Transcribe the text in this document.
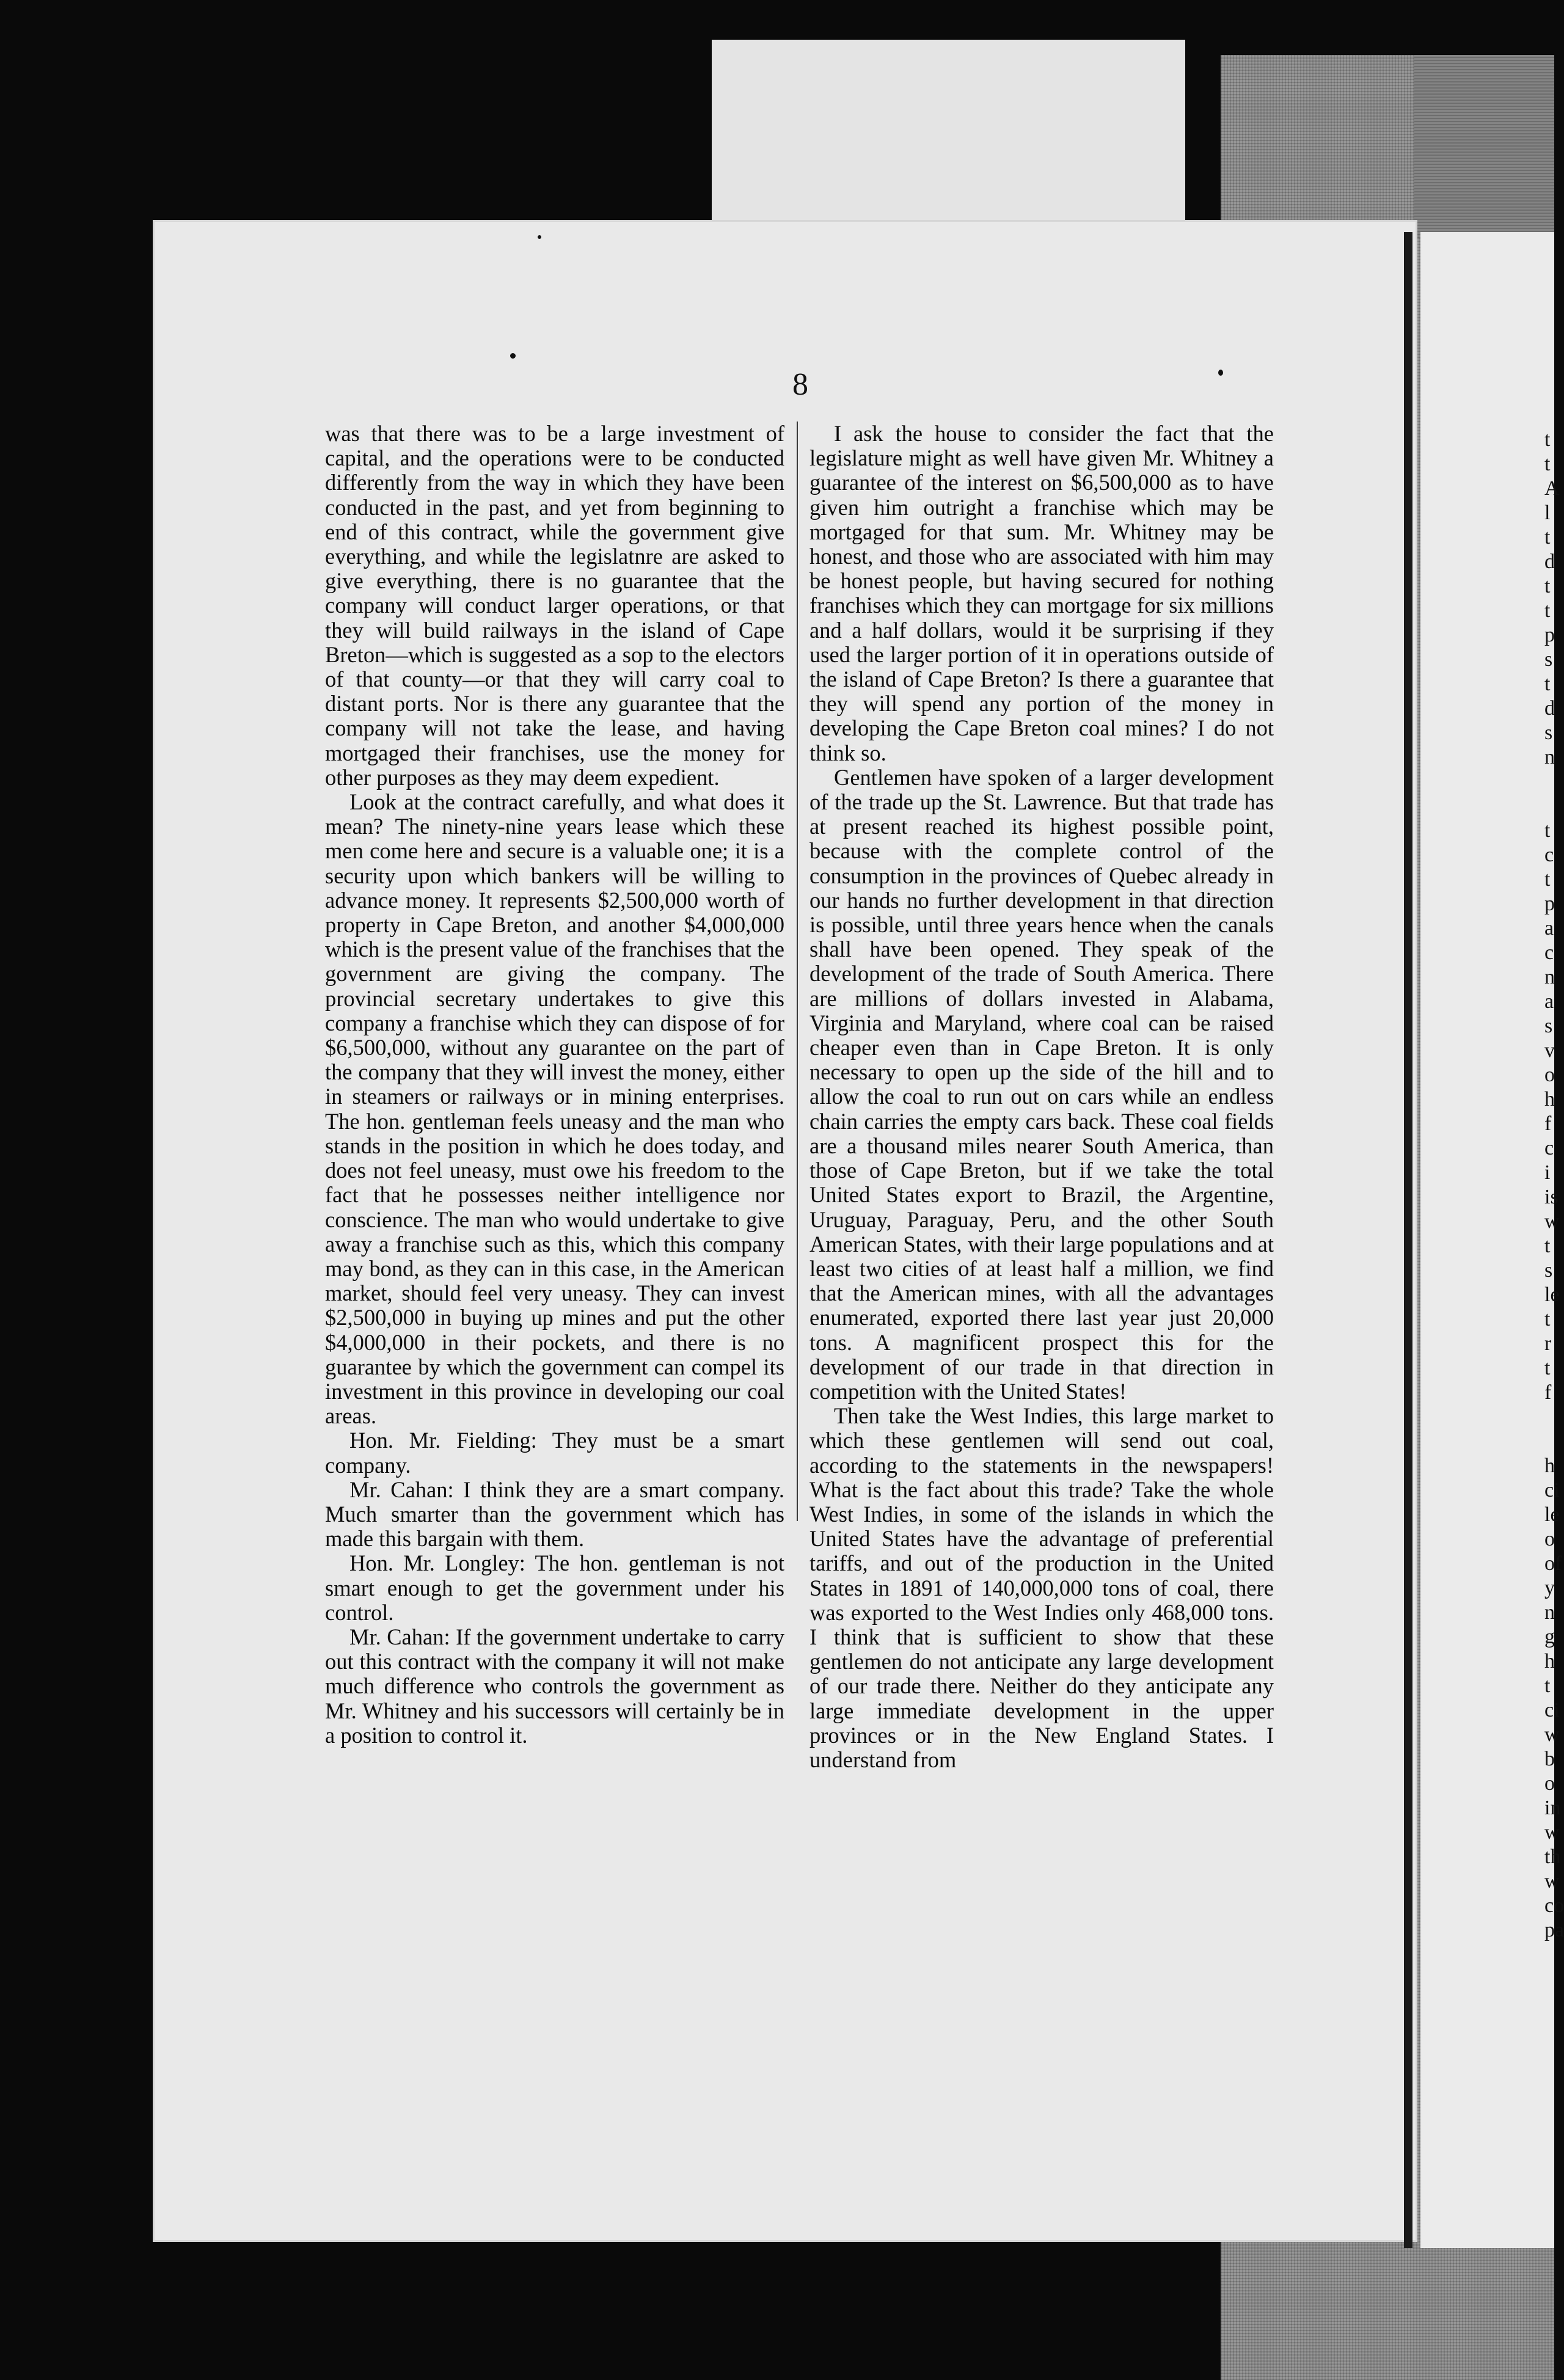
8

was that there was to be a large investment of capital, and the operations were to be conducted differently from the way in which they have been conducted in the past, and yet from beginning to end of this contract, while the government give everything, and while the legislatnre are asked to give everything, there is no guarantee that the company will conduct larger operations, or that they will build railways in the island of Cape Breton—which is suggested as a sop to the electors of that county—or that they will carry coal to distant ports. Nor is there any guarantee that the company will not take the lease, and having mortgaged their franchises, use the money for other purposes as they may deem expedient.

Look at the contract carefully, and what does it mean? The ninety-nine years lease which these men come here and secure is a valuable one; it is a security upon which bankers will be willing to advance money. It represents $2,500,000 worth of property in Cape Breton, and another $4,000,000 which is the present value of the franchises that the government are giving the company. The provincial secretary undertakes to give this company a franchise which they can dispose of for $6,500,000, without any guarantee on the part of the company that they will invest the money, either in steamers or railways or in mining enterprises. The hon. gentleman feels uneasy and the man who stands in the position in which he does today, and does not feel uneasy, must owe his freedom to the fact that he possesses neither intelligence nor conscience. The man who would undertake to give away a franchise such as this, which this company may bond, as they can in this case, in the American market, should feel very uneasy. They can invest $2,500,000 in buying up mines and put the other $4,000,000 in their pockets, and there is no guarantee by which the government can compel its investment in this province in developing our coal areas.

Hon. Mr. Fielding: They must be a smart company.

Mr. Cahan: I think they are a smart company. Much smarter than the government which has made this bargain with them.

Hon. Mr. Longley: The hon. gentleman is not smart enough to get the government under his control.

Mr. Cahan: If the government undertake to carry out this contract with the company it will not make much difference who controls the government as Mr. Whitney and his successors will certainly be in a position to control it.

I ask the house to consider the fact that the legislature might as well have given Mr. Whitney a guarantee of the interest on $6,500,000 as to have given him outright a franchise which may be mortgaged for that sum. Mr. Whitney may be honest, and those who are associated with him may be honest people, but having secured for nothing franchises which they can mortgage for six millions and a half dollars, would it be surprising if they used the larger portion of it in operations outside of the island of Cape Breton? Is there a guarantee that they will spend any portion of the money in developing the Cape Breton coal mines? I do not think so.

Gentlemen have spoken of a larger development of the trade up the St. Lawrence. But that trade has at present reached its highest possible point, because with the complete control of the consumption in the provinces of Quebec already in our hands no further development in that direction is possible, until three years hence when the canals shall have been opened. They speak of the development of the trade of South America. There are millions of dollars invested in Alabama, Virginia and Maryland, where coal can be raised cheaper even than in Cape Breton. It is only necessary to open up the side of the hill and to allow the coal to run out on cars while an endless chain carries the empty cars back. These coal fields are a thousand miles nearer South America, than those of Cape Breton, but if we take the total United States export to Brazil, the Argentine, Uruguay, Paraguay, Peru, and the other South American States, with their large populations and at least two cities of at least half a million, we find that the American mines, with all the advantages enumerated, exported there last year just 20,000 tons. A magnificent prospect this for the development of our trade in that direction in competition with the United States!

Then take the West Indies, this large market to which these gentlemen will send out coal, according to the statements in the newspapers! What is the fact about this trade? Take the whole West Indies, in some of the islands in which the United States have the advantage of preferential tariffs, and out of the production in the United States in 1891 of 140,000,000 tons of coal, there was exported to the West Indies only 468,000 tons. I think that is sufficient to show that these gentlemen do not anticipate any large development of our trade there. Neither do they anticipate any large immediate development in the upper provinces or in the New England States. I understand from

t
t
A
l
t
d
t
t
p
s
t
d
s
n
t
c
t
p
a
c
n
a
s
v
o
h
f
c
i
is
w
t
s
le
t
r
t
f
h
ci
le
o
of
y
n
g
h
t
ci
w
b
o
in
w
th
w
co
pa
